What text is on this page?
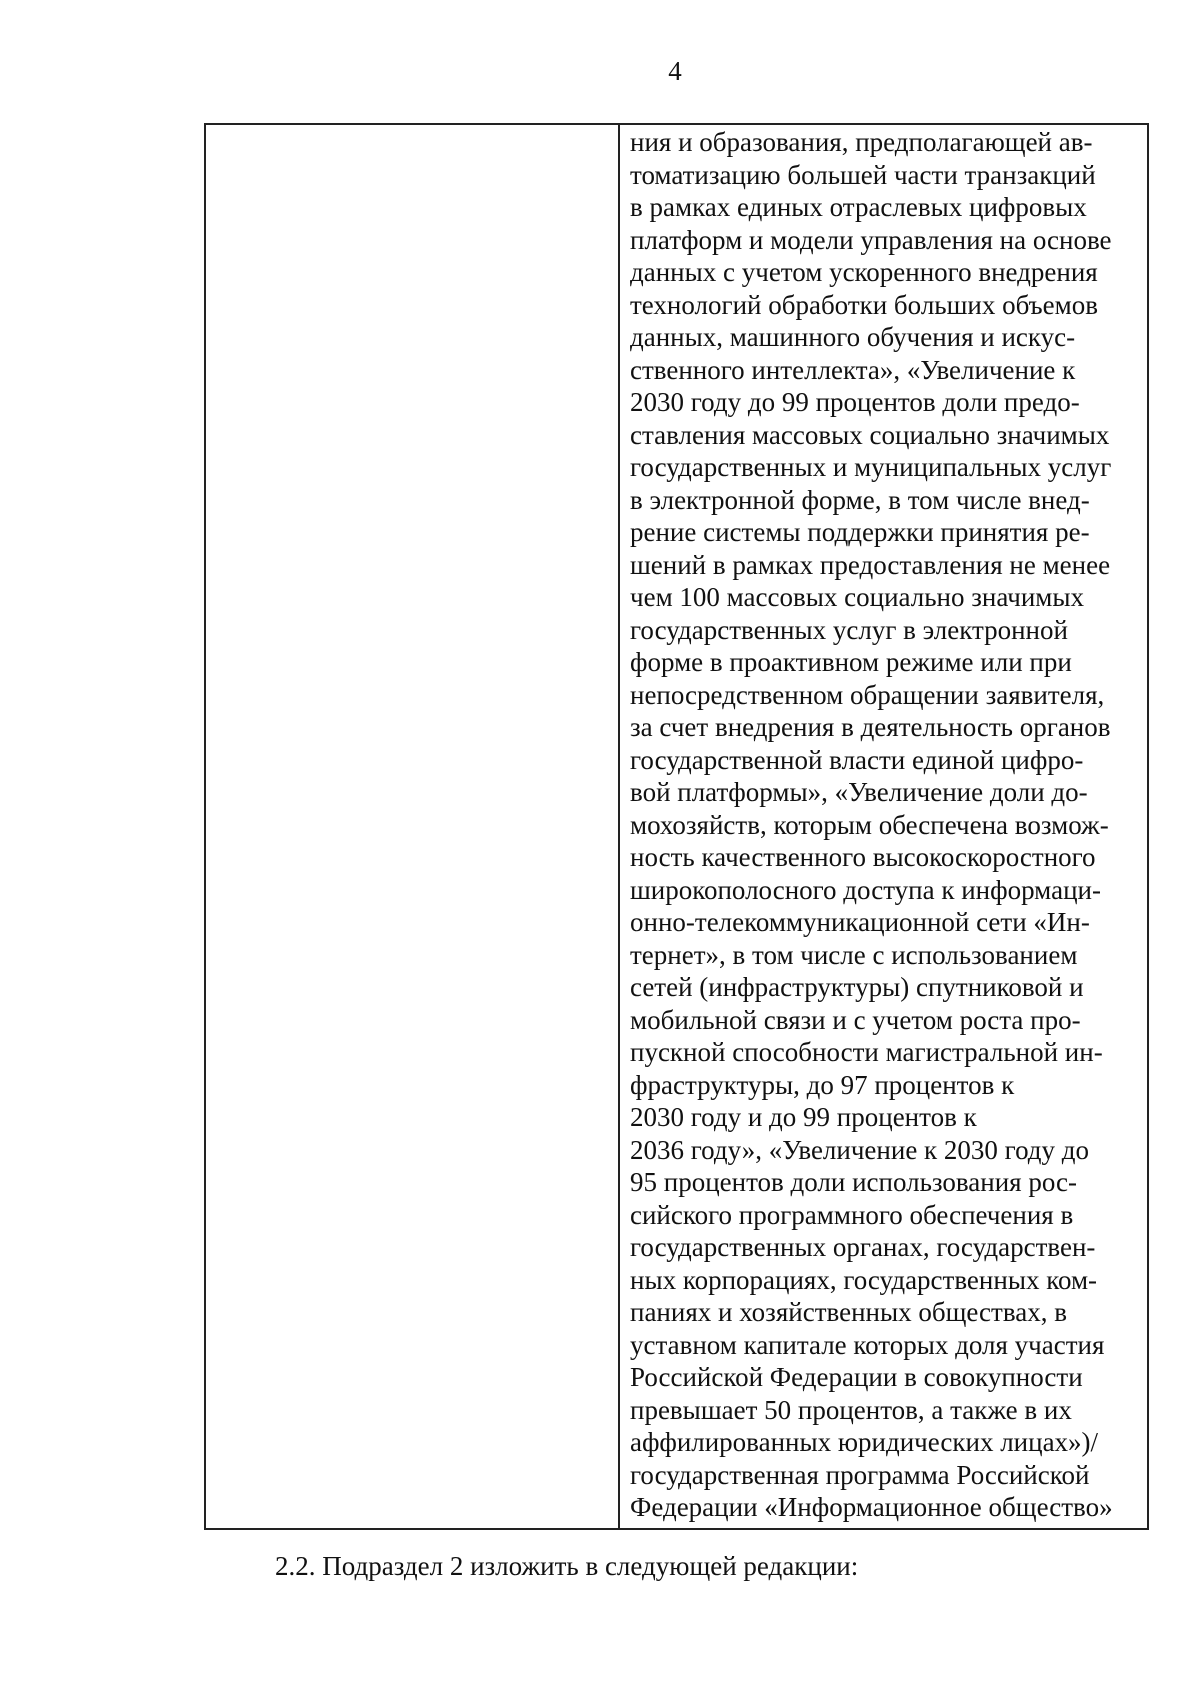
4
ния и образования, предполагающей ав-
томатизацию большей части транзакций
в рамках единых отраслевых цифровых
платформ и модели управления на основе
данных с учетом ускоренного внедрения
технологий обработки больших объемов
данных, машинного обучения и искус-
ственного интеллекта», «Увеличение к
2030 году до 99 процентов доли предо-
ставления массовых социально значимых
государственных и муниципальных услуг
в электронной форме, в том числе внед-
рение системы поддержки принятия ре-
шений в рамках предоставления не менее
чем 100 массовых социально значимых
государственных услуг в электронной
форме в проактивном режиме или при
непосредственном обращении заявителя,
за счет внедрения в деятельность органов
государственной власти единой цифро-
вой платформы», «Увеличение доли до-
мохозяйств, которым обеспечена возмож-
ность качественного высокоскоростного
широкополосного доступа к информаци-
онно-телекоммуникационной сети «Ин-
тернет», в том числе с использованием
сетей (инфраструктуры) спутниковой и
мобильной связи и с учетом роста про-
пускной способности магистральной ин-
фраструктуры, до 97 процентов к
2030 году и до 99 процентов к
2036 году», «Увеличение к 2030 году до
95 процентов доли использования рос-
сийского программного обеспечения в
государственных органах, государствен-
ных корпорациях, государственных ком-
паниях и хозяйственных обществах, в
уставном капитале которых доля участия
Российской Федерации в совокупности
превышает 50 процентов, а также в их
аффилированных юридических лицах»)/
государственная программа Российской
Федерации «Информационное общество»
2.2. Подраздел 2 изложить в следующей редакции:
